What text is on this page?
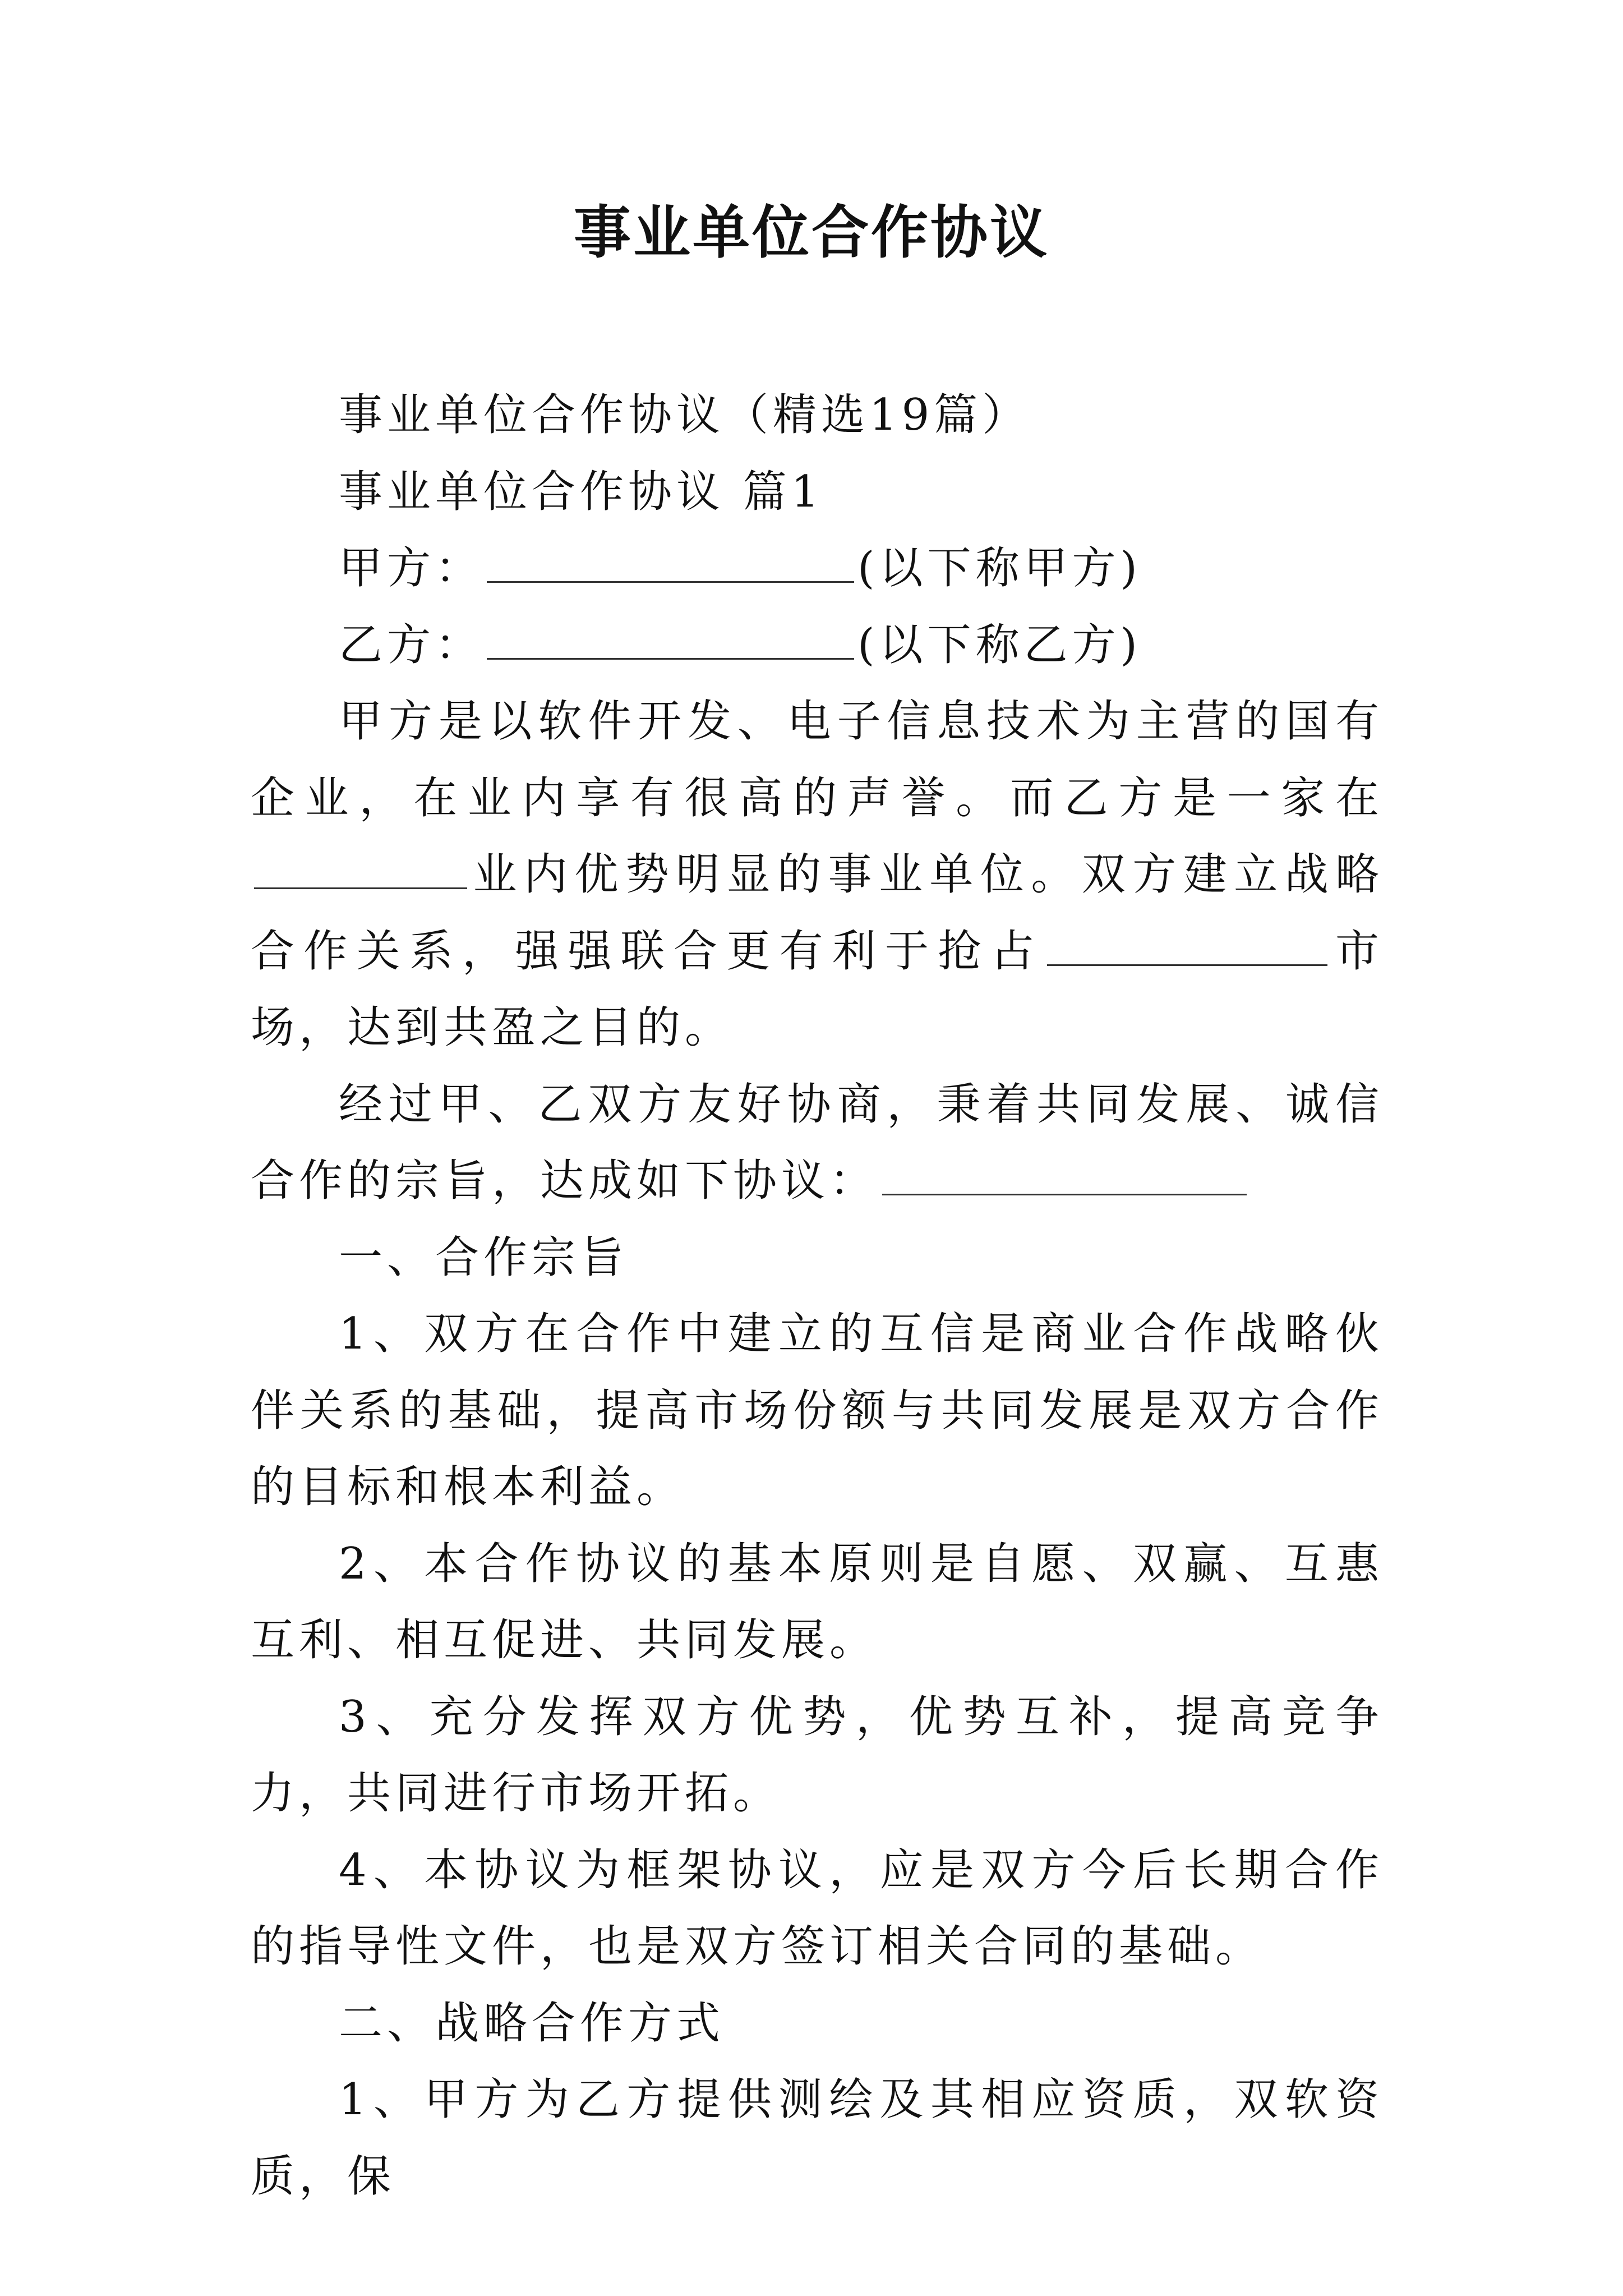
事业单位合作协议

事业单位合作协议（精选19篇）

事业单位合作协议 篇1

甲方：	(以下称甲方)

乙方：	(以下称乙方)

甲方是以软件开发、电子信息技术为主营的国有企业，在业内享有很高的声誉。而乙方是一家在业内优势明显的事业单位。双方建立战略合作关系，强强联合更有利于抢占	市场，达到共盈之目的。

经过甲、乙双方友好协商，秉着共同发展、诚信合作的宗旨，达成如下协议：

一、合作宗旨

1、双方在合作中建立的互信是商业合作战略伙伴关系的基础，提高市场份额与共同发展是双方合作的目标和根本利益。

2、本合作协议的基本原则是自愿、双赢、互惠互利、相互促进、共同发展。

3、充分发挥双方优势，优势互补，提高竞争力，共同进行市场开拓。

4、本协议为框架协议，应是双方今后长期合作的指导性文件，也是双方签订相关合同的基础。

二、战略合作方式

1、甲方为乙方提供测绘及其相应资质，双软资质，保
